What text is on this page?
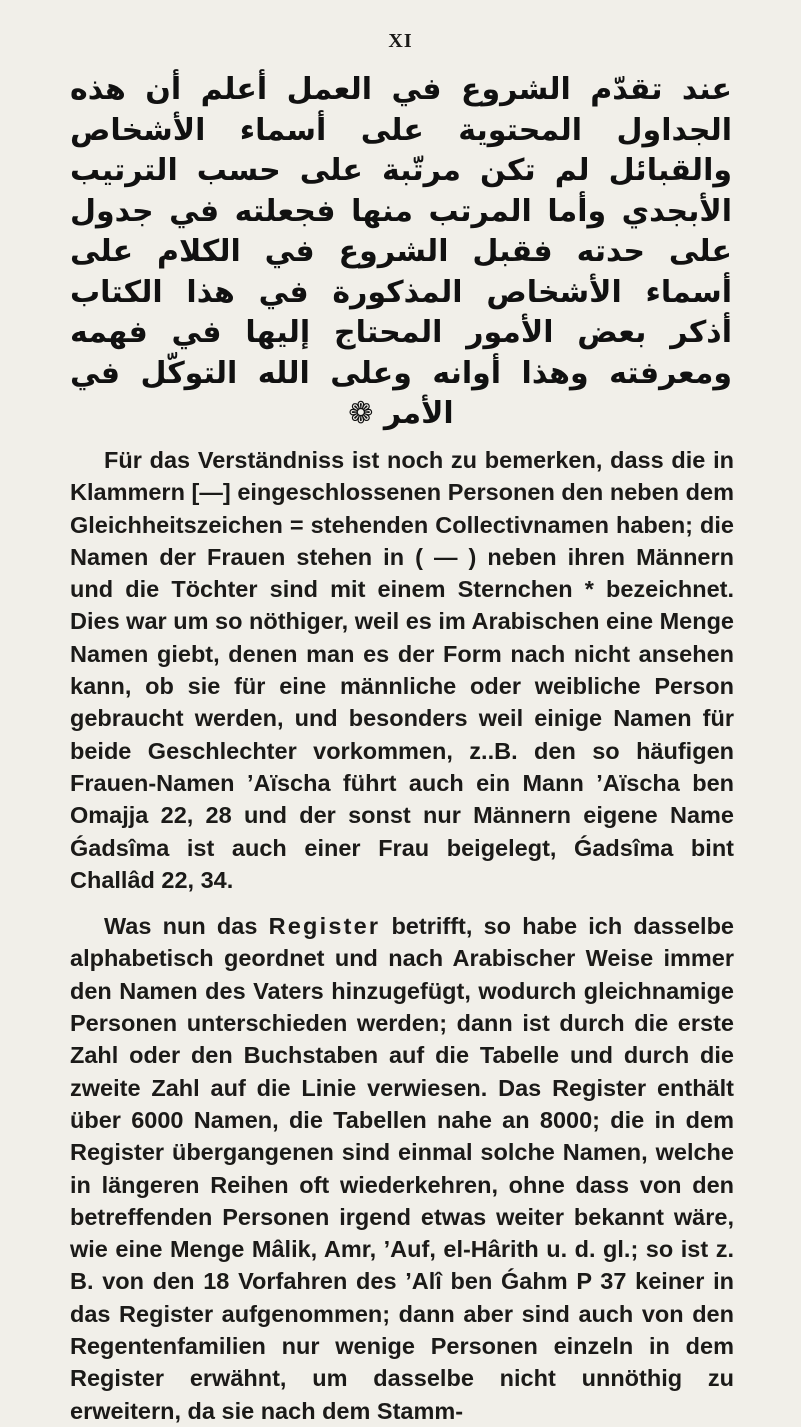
XI
عند تقدّم الشروع في العمل أعلم أن هذه الجداول المحتوية على أسماء الأشخاص والقبائل لم تكن مرتّبة على حسب الترتيب الأبجدي وأما المرتب منها فجعلته في جدول على حدته فقبل الشروع في الكلام على أسماء الأشخاص المذكورة في هذا الكتاب أذكر بعض الأمور المحتاج إليها في فهمه ومعرفته وهذا أوانه وعلى الله التوكّل في الأمر ❁

Für das Verständniss ist noch zu bemerken, dass die in Klammern [—] eingeschlossenen Personen den neben dem Gleichheitszeichen = stehenden Collectivnamen haben; die Namen der Frauen stehen in ( — ) neben ihren Männern und die Töchter sind mit einem Sternchen * bezeichnet. Dies war um so nöthiger, weil es im Arabischen eine Menge Namen giebt, denen man es der Form nach nicht ansehen kann, ob sie für eine männliche oder weibliche Person gebraucht werden, und besonders weil einige Namen für beide Geschlechter vorkommen, z..B. den so häufigen Frauen-Namen ’Aïscha führt auch ein Mann ’Aïscha ben Omajja 22, 28 und der sonst nur Männern eigene Name Ǵadsîma ist auch einer Frau beigelegt, Ǵadsîma bint Challâd 22, 34.

Was nun das Register betrifft, so habe ich dasselbe alphabetisch geordnet und nach Arabischer Weise immer den Namen des Vaters hinzugefügt, wodurch gleichnamige Personen unterschieden werden; dann ist durch die erste Zahl oder den Buchstaben auf die Tabelle und durch die zweite Zahl auf die Linie verwiesen. Das Register enthält über 6000 Namen, die Tabellen nahe an 8000; die in dem Register übergangenen sind einmal solche Namen, welche in längeren Reihen oft wiederkehren, ohne dass von den betreffenden Personen irgend etwas weiter bekannt wäre, wie eine Menge Mâlik, Amr, ’Auf, el-Hârith u. d. gl.; so ist z. B. von den 18 Vorfahren des ’Alî ben Ǵahm P 37 keiner in das Register aufgenommen; dann aber sind auch von den Regentenfamilien nur wenige Personen einzeln in dem Register erwähnt, um dasselbe nicht unnöthig zu erweitern, da sie nach dem Stamm-
